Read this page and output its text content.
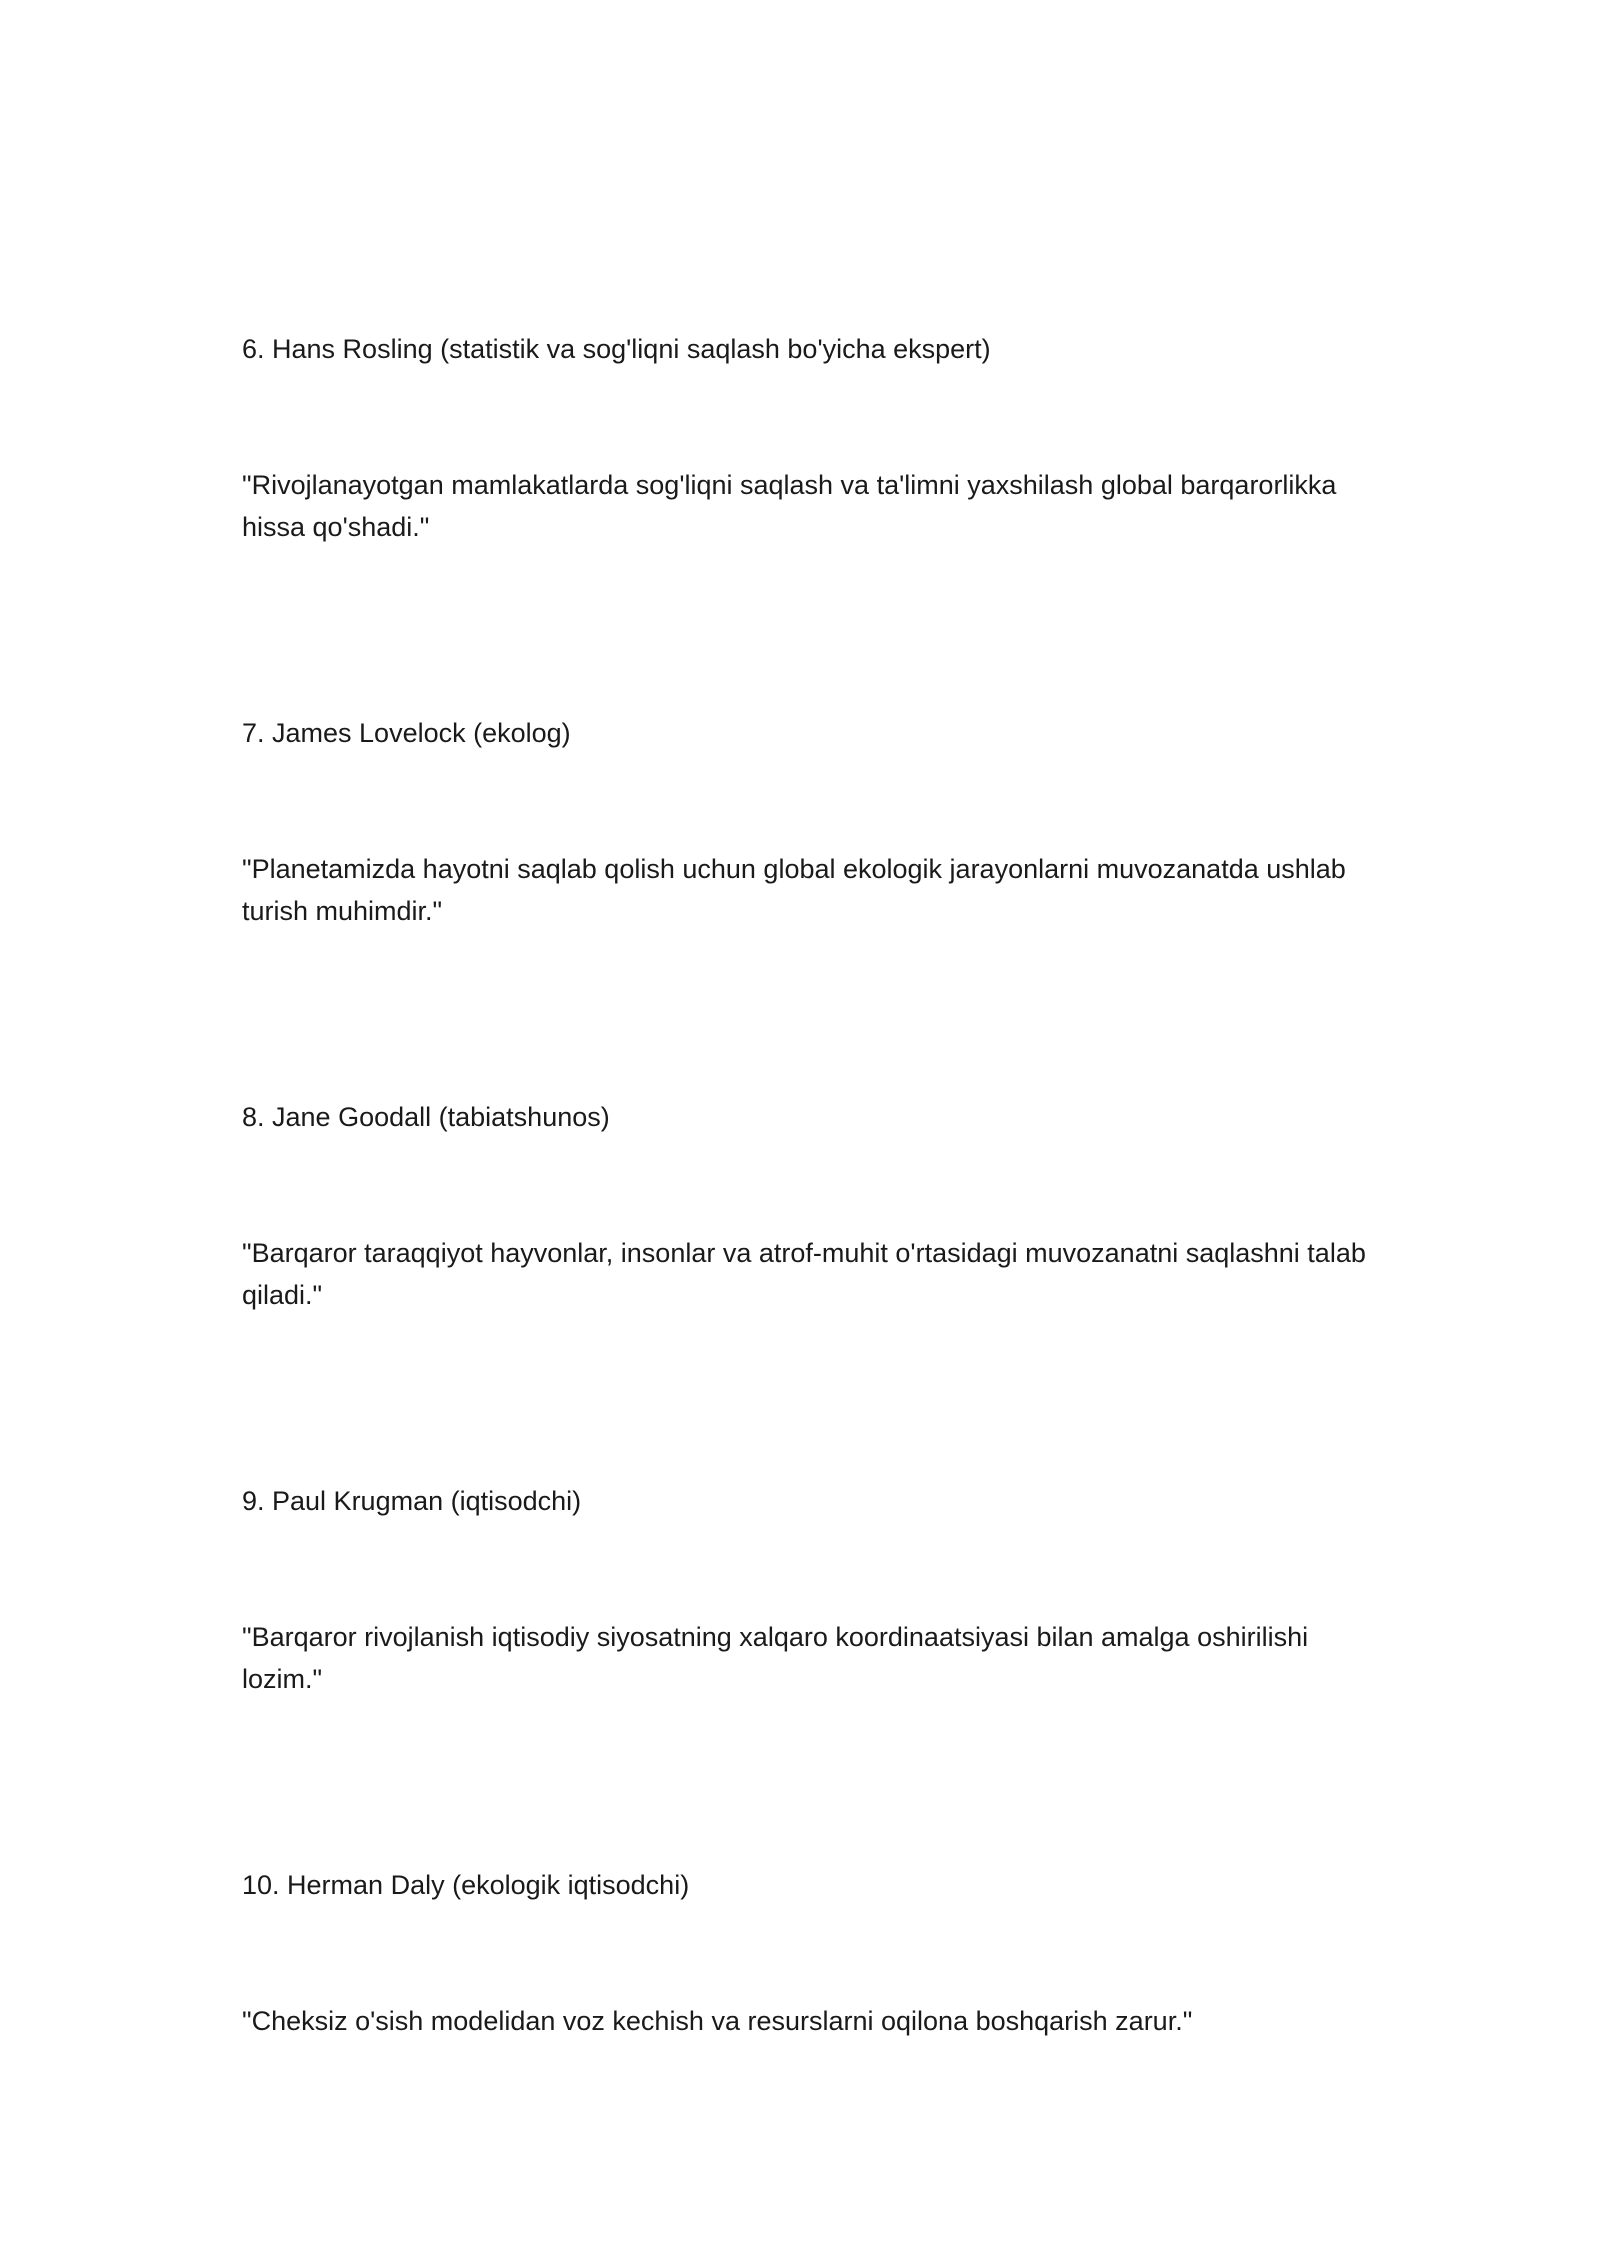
6. Hans Rosling (statistik va sog'liqni saqlash bo'yicha ekspert)

"Rivojlanayotgan mamlakatlarda sog'liqni saqlash va ta'limni yaxshilash global barqarorlikka hissa qo'shadi."

7. James Lovelock (ekolog)

"Planetamizda hayotni saqlab qolish uchun global ekologik jarayonlarni muvozanatda ushlab turish muhimdir."

8. Jane Goodall (tabiatshunos)

"Barqaror taraqqiyot hayvonlar, insonlar va atrof-muhit o'rtasidagi muvozanatni saqlashni talab qiladi."

9. Paul Krugman (iqtisodchi)

"Barqaror rivojlanish iqtisodiy siyosatning xalqaro koordinaatsiyasi bilan amalga oshirilishi lozim."

10. Herman Daly (ekologik iqtisodchi)

"Cheksiz o'sish modelidan voz kechish va resurslarni oqilona boshqarish zarur."
